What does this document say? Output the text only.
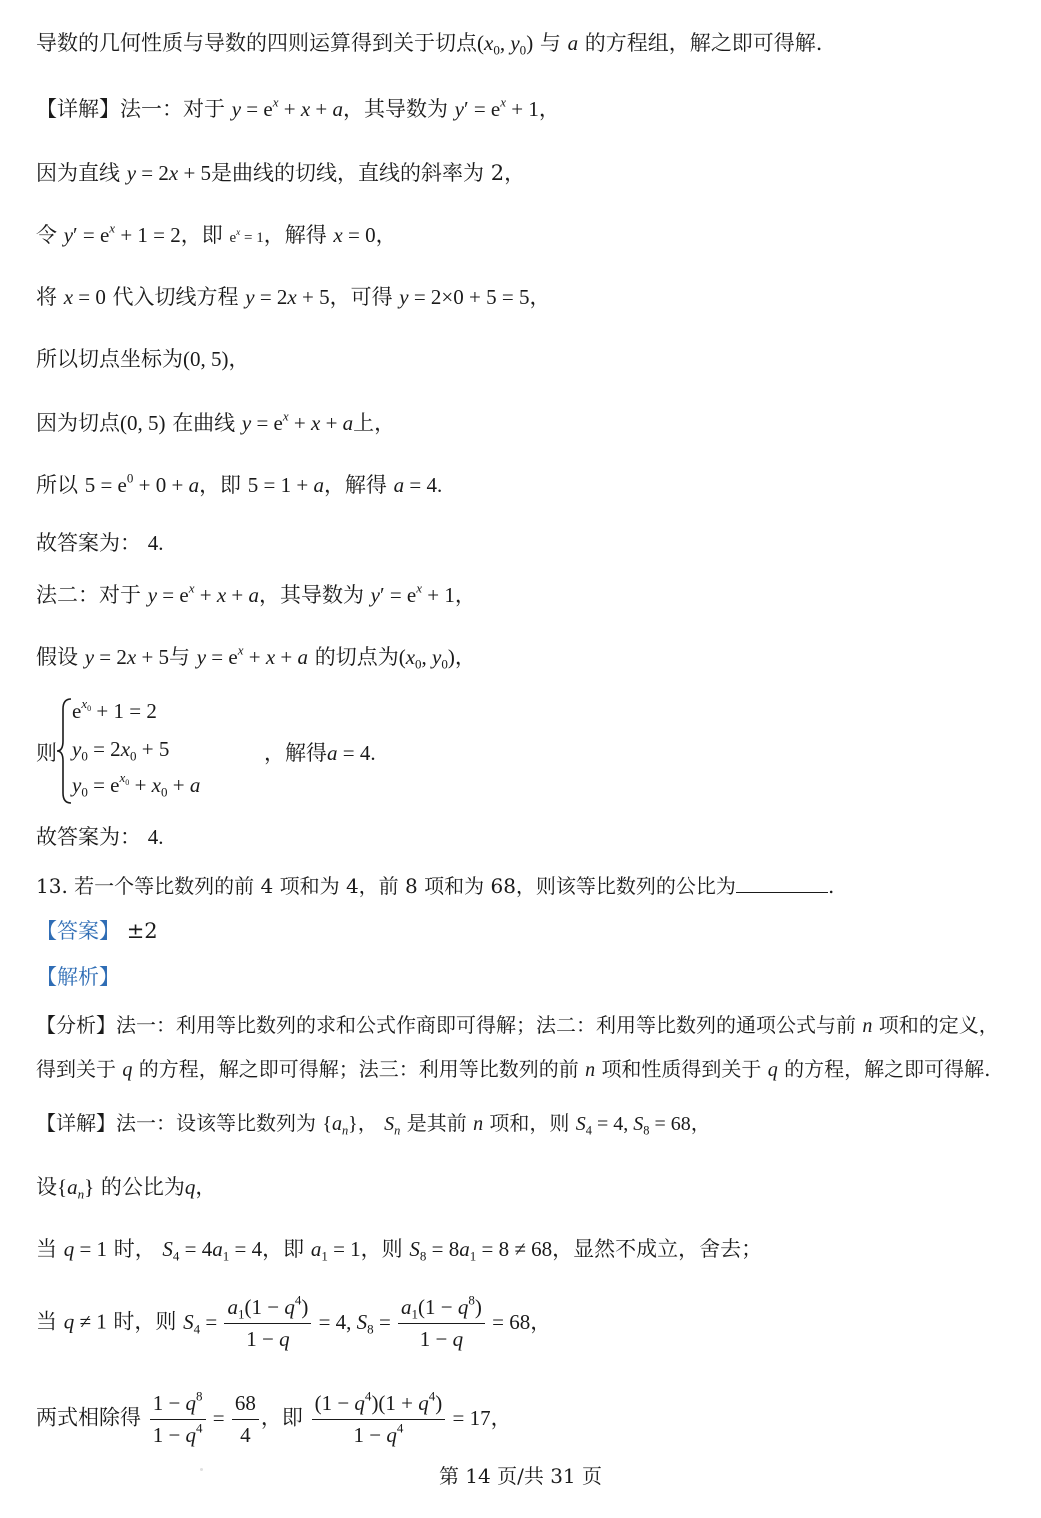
导数的几何性质与导数的四则运算得到关于切点($x_0$, $y_0$) 与 a 的方程组，解之即可得解.
【详解】法一：对于 $y = e^x + x + a$，其导数为 $y' = e^x + 1$，
因为直线 y = 2x + 5是曲线的切线，直线的斜率为 2，
令 $y' = e^x + 1 = 2$，即 $e^x = 1$，解得 x = 0，
将 x = 0 代入切线方程 y = 2x + 5，可得 y = 2×0 + 5 = 5，
所以切点坐标为(0, 5)，
因为切点(0, 5) 在曲线 $y = e^x + x + a$上，
所以 $5 = e^0 + 0 + a$，即 5 = 1 + a，解得 a = 4.
故答案为： 4.
法二：对于 $y = e^x + x + a$，其导数为 $y' = e^x + 1$，
假设 y = 2x + 5与 $y = e^x + x + a$ 的切点为($x_0$, $y_0$)，
则
$e^{x_0} + 1 = 2$
$y_0 = 2x_0 + 5$
$y_0 = e^{x_0} + x_0 + a$
，解得a = 4.
故答案为： 4.
13. 若一个等比数列的前 4 项和为 4，前 8 项和为 68，则该等比数列的公比为	.
【答案】 ±2
【解析】
【分析】法一：利用等比数列的求和公式作商即可得解；法二：利用等比数列的通项公式与前 n 项和的定义，
得到关于 q 的方程，解之即可得解；法三：利用等比数列的前 n 项和性质得到关于 q 的方程，解之即可得解.
【详解】法一：设该等比数列为 $\{a_n\}$， $S_n$ 是其前 n 项和，则 $S_4 = 4$, $S_8 = 68$，
设$\{a_n\}$ 的公比为q，
当 q = 1 时， $S_4 = 4a_1 = 4$，即 $a_1 = 1$，则 $S_8 = 8a_1 = 8 \ne 68$，显然不成立，舍去；
当 q ≠ 1 时，则 $S_4 = \frac{a_1(1 - q^4)}{1 - q} = 4$, $S_8 = \frac{a_1(1 - q^8)}{1 - q} = 68$，
两式相除得 $\frac{1 - q^8}{1 - q^4} = \frac{68}{4}$ ，即 $\frac{(1 - q^4)(1 + q^4)}{1 - q^4} = 17$，
第 14 页/共 31 页
